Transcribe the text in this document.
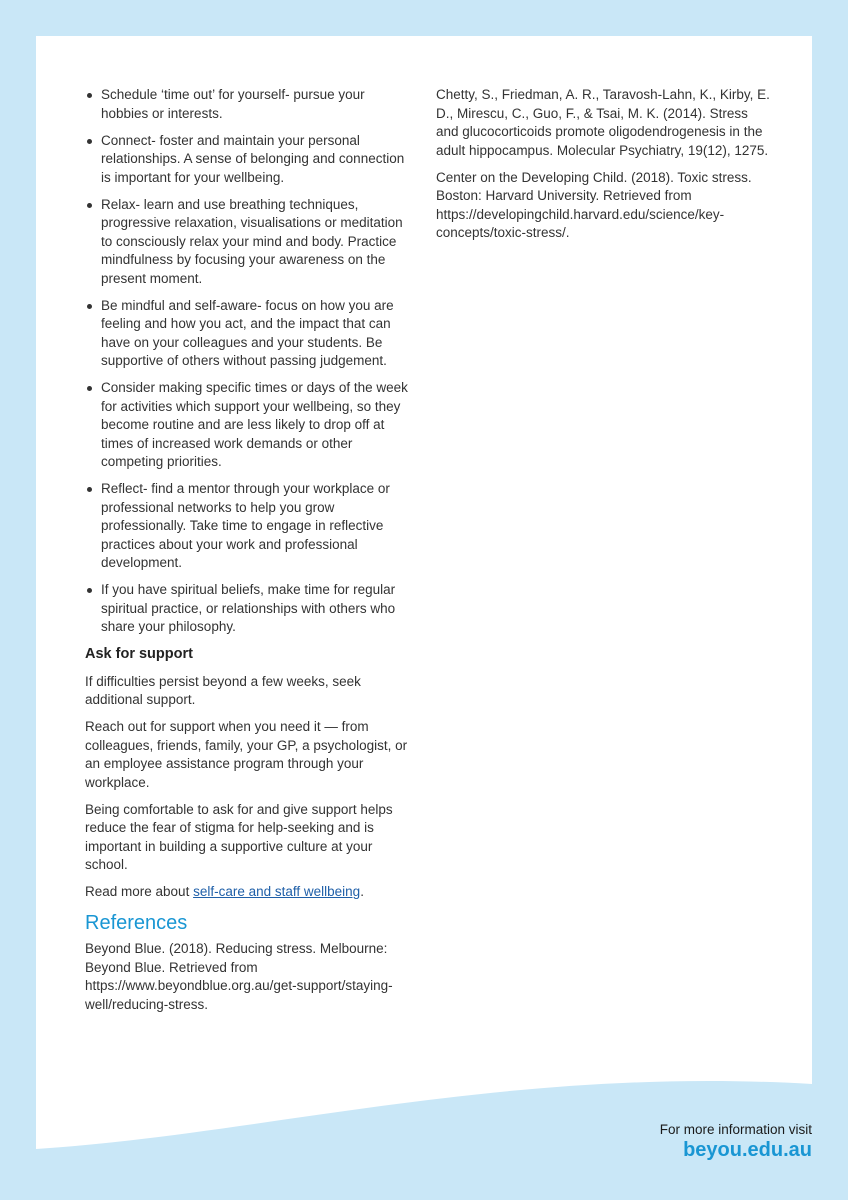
Schedule ‘time out’ for yourself- pursue your hobbies or interests.
Connect- foster and maintain your personal relationships. A sense of belonging and connection is important for your wellbeing.
Relax- learn and use breathing techniques, progressive relaxation, visualisations or meditation to consciously relax your mind and body. Practice mindfulness by focusing your awareness on the present moment.
Be mindful and self-aware- focus on how you are feeling and how you act, and the impact that can have on your colleagues and your students. Be supportive of others without passing judgement.
Consider making specific times or days of the week for activities which support your wellbeing, so they become routine and are less likely to drop off at times of increased work demands or other competing priorities.
Reflect- find a mentor through your workplace or professional networks to help you grow professionally. Take time to engage in reflective practices about your work and professional development.
If you have spiritual beliefs, make time for regular spiritual practice, or relationships with others who share your philosophy.
Ask for support

If difficulties persist beyond a few weeks, seek additional support.

Reach out for support when you need it — from colleagues, friends, family, your GP, a psychologist, or an employee assistance program through your workplace.

Being comfortable to ask for and give support helps reduce the fear of stigma for help-seeking and is important in building a supportive culture at your school.

Read more about self-care and staff wellbeing.

References

Beyond Blue. (2018). Reducing stress. Melbourne: Beyond Blue. Retrieved from https://www.beyondblue.org.au/get-support/staying-well/reducing-stress.

Chetty, S., Friedman, A. R., Taravosh-Lahn, K., Kirby, E. D., Mirescu, C., Guo, F., & Tsai, M. K. (2014). Stress and glucocorticoids promote oligodendrogenesis in the adult hippocampus. Molecular Psychiatry, 19(12), 1275.

Center on the Developing Child. (2018). Toxic stress. Boston: Harvard University. Retrieved from https://developingchild.harvard.edu/science/key-concepts/toxic-stress/.

For more information visit
beyou.edu.au
